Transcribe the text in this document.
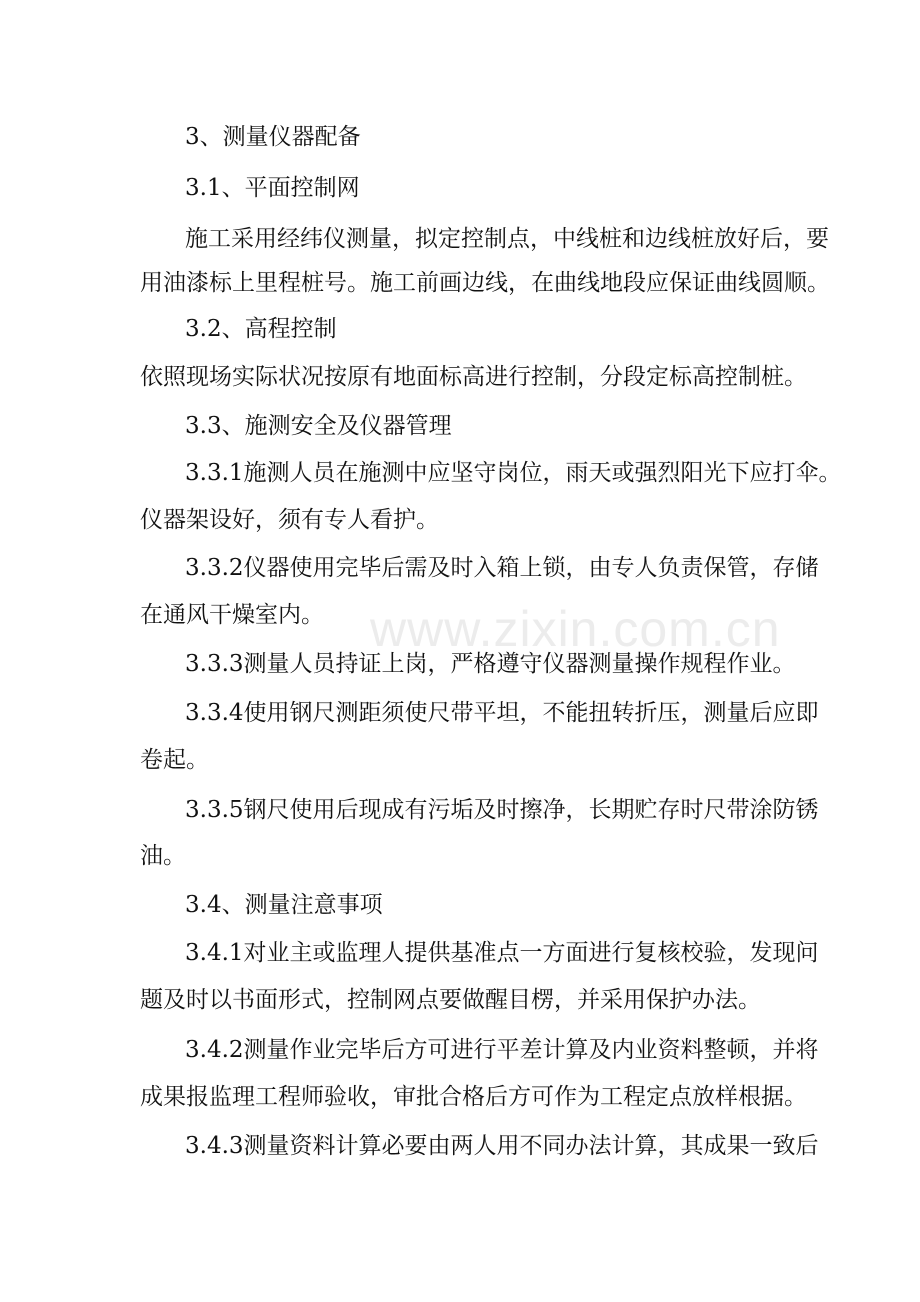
www.zixin.com.cn
3、测量仪器配备
3.1、平面控制网
施工采用经纬仪测量，拟定控制点，中线桩和边线桩放好后，要
用油漆标上里程桩号。施工前画边线，在曲线地段应保证曲线圆顺。
3.2、高程控制
依照现场实际状况按原有地面标高进行控制，分段定标高控制桩。
3.3、施测安全及仪器管理
3.3.1施测人员在施测中应坚守岗位，雨天或强烈阳光下应打伞。
仪器架设好，须有专人看护。
3.3.2仪器使用完毕后需及时入箱上锁，由专人负责保管，存储
在通风干燥室内。
3.3.3测量人员持证上岗，严格遵守仪器测量操作规程作业。
3.3.4使用钢尺测距须使尺带平坦，不能扭转折压，测量后应即
卷起。
3.3.5钢尺使用后现成有污垢及时擦净，长期贮存时尺带涂防锈
油。
3.4、测量注意事项
3.4.1对业主或监理人提供基准点一方面进行复核校验，发现问
题及时以书面形式，控制网点要做醒目楞，并采用保护办法。
3.4.2测量作业完毕后方可进行平差计算及内业资料整顿，并将
成果报监理工程师验收，审批合格后方可作为工程定点放样根据。
3.4.3测量资料计算必要由两人用不同办法计算，其成果一致后
